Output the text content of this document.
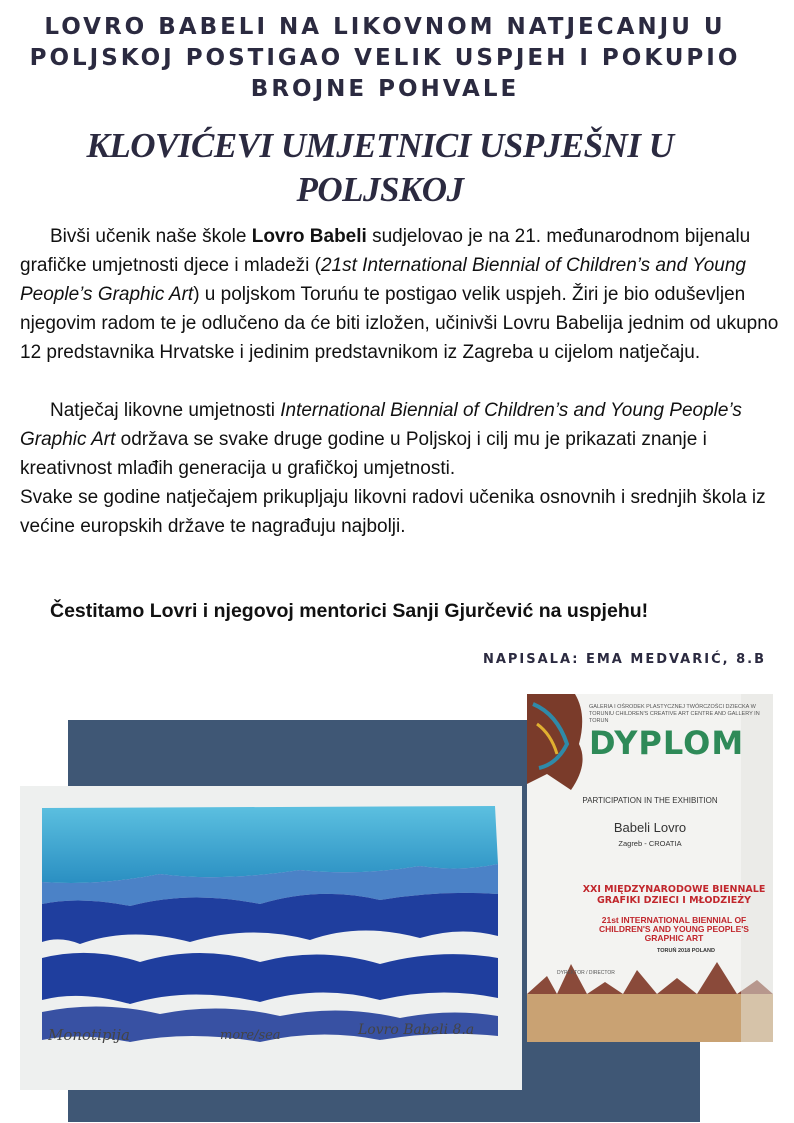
LOVRO BABELI NA LIKOVNOM NATJECANJU U POLJSKOJ POSTIGAO VELIK USPJEH I POKUPIO BROJNE POHVALE
KLOVIĆEVI UMJETNICI USPJEŠNI U POLJSKOJ

Bivši učenik naše škole Lovro Babeli sudjelovao je na 21. međunarodnom bijenalu grafičke umjetnosti djece i mladeži (21st International Biennial of Children’s and Young People’s Graphic Art) u poljskom Toruńu te postigao velik uspjeh. Žiri je bio oduševljen njegovim radom te je odlučeno da će biti izložen, učinivši Lovru Babelija jednim od ukupno 12 predstavnika Hrvatske i jedinim predstavnikom iz Zagreba u cijelom natječaju.

Natječaj likovne umjetnosti International Biennial of Children’s and Young People’s Graphic Art održava se svake druge godine u Poljskoj i cilj mu je prikazati znanje i kreativnost mlađih generacija u grafičkoj umjetnosti.

Svake se godine natječajem prikupljaju likovni radovi učenika osnovnih i srednjih škola iz većine europskih države te nagrađuju najbolji.

Čestitamo Lovri i njegovoj mentorici Sanji Gjurčević na uspjehu!
NAPISALA: EMA MEDVARIĆ, 8.B
Monotipija	more/sea	Lovro Babeli 8.a
GALERIA I OŚRODEK PLASTYCZNEJ TWÓRCZOŚCI DZIECKA W TORUNIU CHILDREN'S CREATIVE ART CENTRE AND GALLERY IN TORUN
DYPLOM
PARTICIPATION IN THE EXHIBITION
Babeli Lovro
Zagreb - CROATIA
XXI MIĘDZYNARODOWE BIENNALE GRAFIKI DZIECI I MŁODZIEŻY
21st INTERNATIONAL BIENNIAL OF CHILDREN'S AND YOUNG PEOPLE'S GRAPHIC ART
TORUŃ 2018 POLAND
DYREKTOR / DIRECTOR
